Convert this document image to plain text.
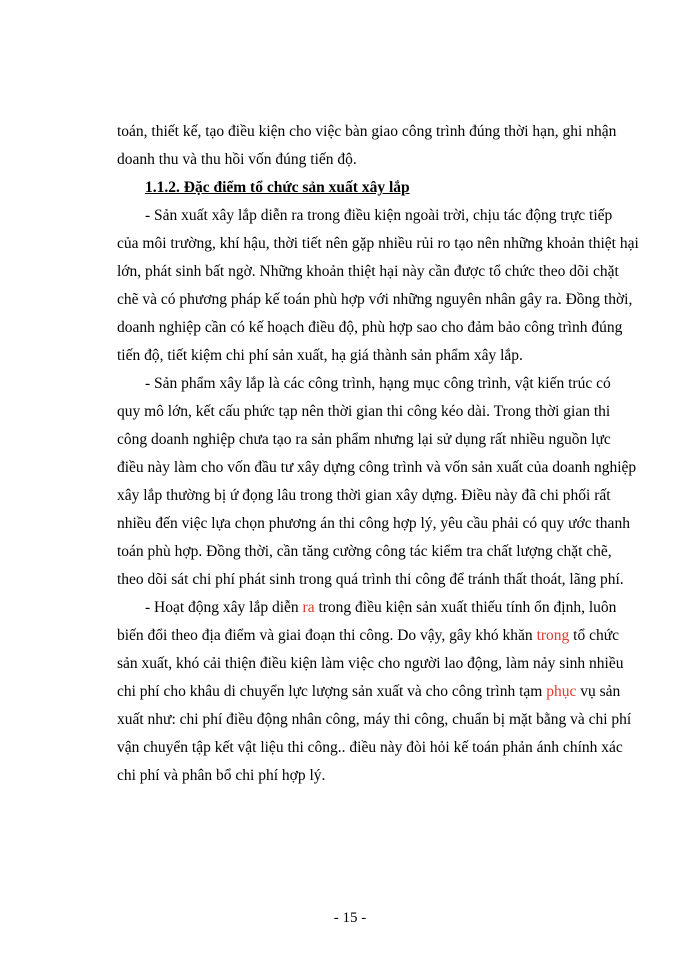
toán, thiết kế, tạo điều kiện cho việc bàn giao công trình đúng thời hạn, ghi nhận
doanh thu và thu hồi vốn đúng tiến độ.
1.1.2. Đặc điểm tổ chức sản xuất xây lắp
- Sản xuất xây lắp diễn ra trong điều kiện ngoài trời, chịu tác động trực tiếp
của môi trường, khí hậu, thời tiết nên gặp nhiều rủi ro tạo nên những khoản thiệt hại
lớn, phát sinh bất ngờ. Những khoản thiệt hại này cần được tổ chức theo dõi chặt
chẽ và có phương pháp kế toán phù hợp với những nguyên nhân gây ra. Đồng thời,
doanh nghiệp cần có kế hoạch điều độ, phù hợp sao cho đảm bảo công trình đúng
tiến độ, tiết kiệm chi phí sản xuất, hạ giá thành sản phẩm xây lắp.
- Sản phẩm xây lắp là các công trình, hạng mục công trình, vật kiến trúc có
quy mô lớn, kết cấu phức tạp nên thời gian thi công kéo dài. Trong thời gian thi
công doanh nghiệp chưa tạo ra sản phẩm nhưng lại sử dụng rất nhiều nguồn lực
điều này làm cho vốn đầu tư xây dựng công trình và vốn sản xuất của doanh nghiệp
xây lắp thường bị ứ đọng lâu trong thời gian xây dựng. Điều này đã chi phối rất
nhiều đến việc lựa chọn phương án thi công hợp lý, yêu cầu phải có quy ước thanh
toán phù hợp. Đồng thời, cần tăng cường công tác kiểm tra chất lượng chặt chẽ,
theo dõi sát chi phí phát sinh trong quá trình thi công để tránh thất thoát, lãng phí.
- Hoạt động xây lắp diễn ra trong điều kiện sản xuất thiếu tính ổn định, luôn
biến đổi theo địa điểm và giai đoạn thi công. Do vậy, gây khó khăn trong tổ chức
sản xuất, khó cải thiện điều kiện làm việc cho người lao động, làm nảy sinh nhiều
chi phí cho khâu di chuyển lực lượng sản xuất và cho công trình tạm phục vụ sản
xuất như: chi phí điều động nhân công, máy thi công, chuẩn bị mặt bằng và chi phí
vận chuyển tập kết vật liệu thi công.. điều này đòi hỏi kế toán phản ánh chính xác
chi phí và phân bổ chi phí hợp lý.
- 15 -
